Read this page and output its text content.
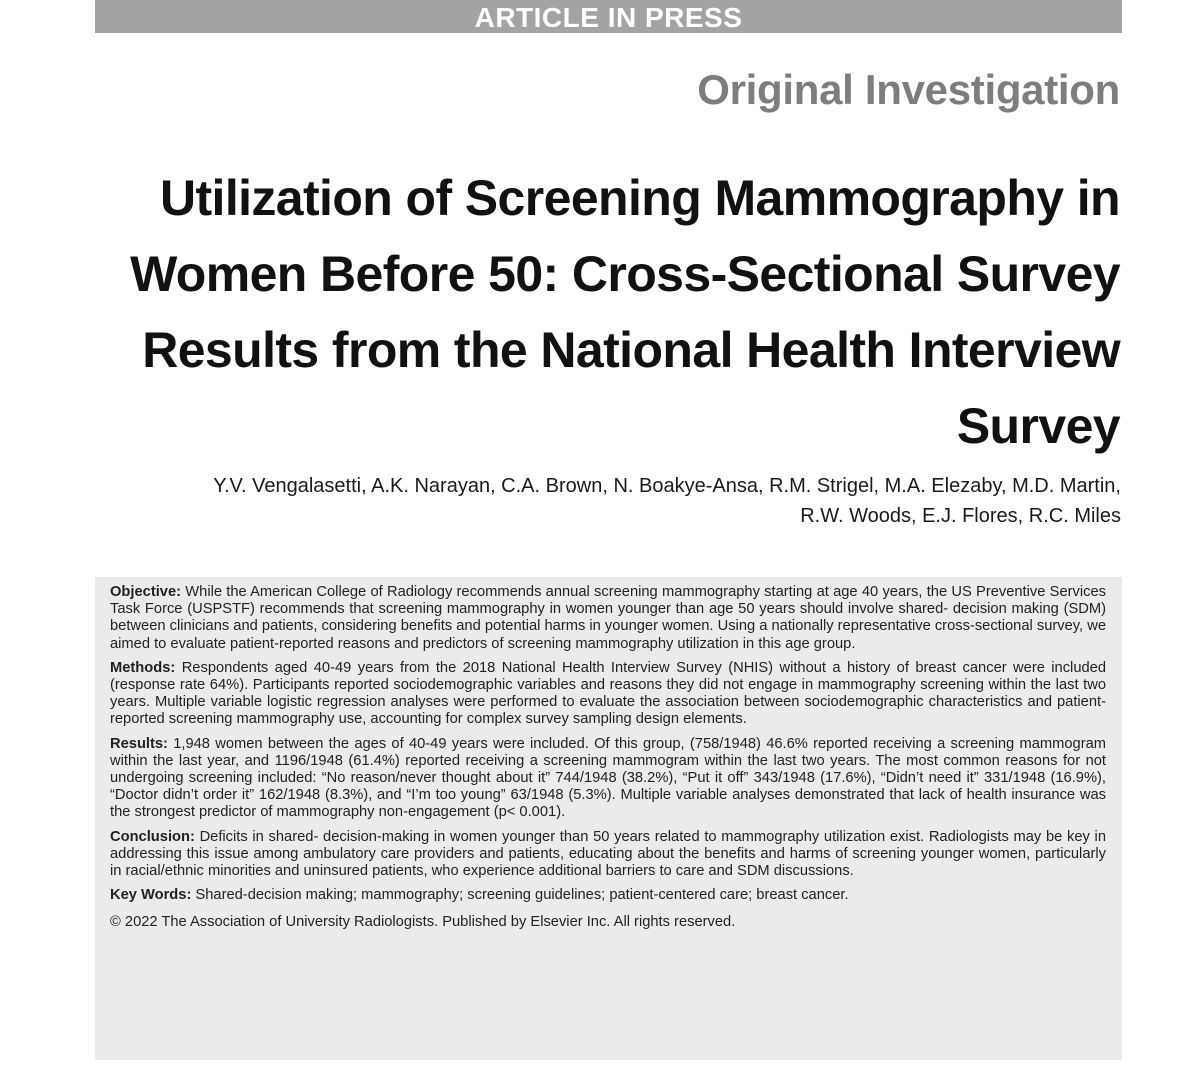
ARTICLE IN PRESS
Original Investigation
Utilization of Screening Mammography in Women Before 50: Cross-Sectional Survey Results from the National Health Interview Survey
Y.V. Vengalasetti, A.K. Narayan, C.A. Brown, N. Boakye-Ansa, R.M. Strigel, M.A. Elezaby, M.D. Martin,
R.W. Woods, E.J. Flores, R.C. Miles

Objective: While the American College of Radiology recommends annual screening mammography starting at age 40 years, the US Preventive Services Task Force (USPSTF) recommends that screening mammography in women younger than age 50 years should involve shared- decision making (SDM) between clinicians and patients, considering benefits and potential harms in younger women. Using a nationally representative cross-sectional survey, we aimed to evaluate patient-reported reasons and predictors of screening mammography utilization in this age group.

Methods: Respondents aged 40-49 years from the 2018 National Health Interview Survey (NHIS) without a history of breast cancer were included (response rate 64%). Participants reported sociodemographic variables and reasons they did not engage in mammography screening within the last two years. Multiple variable logistic regression analyses were performed to evaluate the association between sociodemographic characteristics and patient-reported screening mammography use, accounting for complex survey sampling design elements.

Results: 1,948 women between the ages of 40-49 years were included. Of this group, (758/1948) 46.6% reported receiving a screening mammogram within the last year, and 1196/1948 (61.4%) reported receiving a screening mammogram within the last two years. The most common reasons for not undergoing screening included: “No reason/never thought about it” 744/1948 (38.2%), “Put it off” 343/1948 (17.6%), “Didn’t need it” 331/1948 (16.9%), “Doctor didn’t order it” 162/1948 (8.3%), and “I’m too young” 63/1948 (5.3%). Multiple variable analyses demonstrated that lack of health insurance was the strongest predictor of mammography non-engagement (p< 0.001).

Conclusion: Deficits in shared- decision-making in women younger than 50 years related to mammography utilization exist. Radiologists may be key in addressing this issue among ambulatory care providers and patients, educating about the benefits and harms of screening younger women, particularly in racial/ethnic minorities and uninsured patients, who experience additional barriers to care and SDM discussions.

Key Words: Shared-decision making; mammography; screening guidelines; patient-centered care; breast cancer.

© 2022 The Association of University Radiologists. Published by Elsevier Inc. All rights reserved.
